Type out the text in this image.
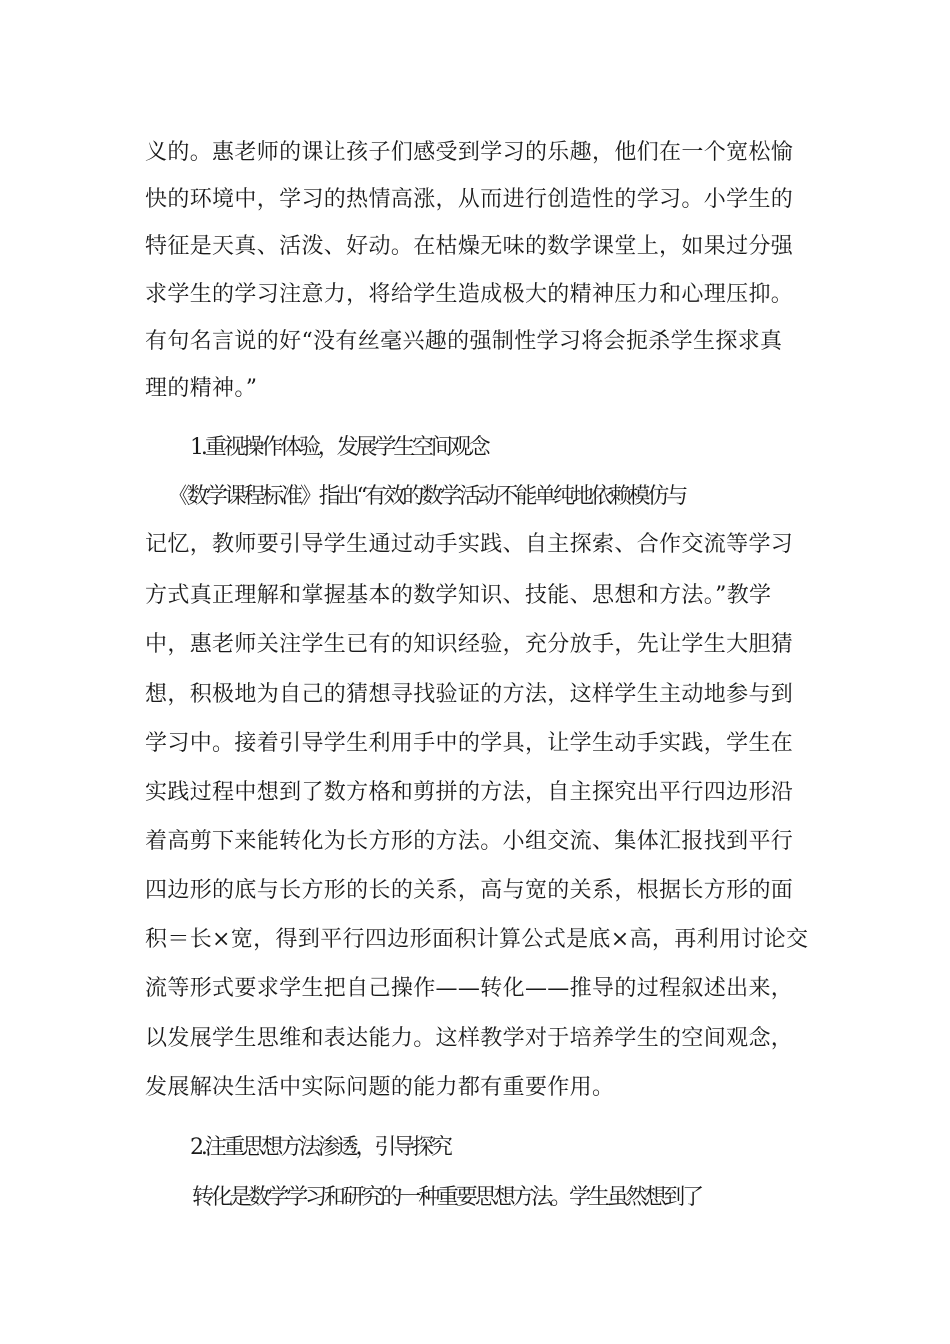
义的。惠老师的课让孩子们感受到学习的乐趣，他们在一个宽松愉
快的环境中，学习的热情高涨，从而进行创造性的学习。小学生的
特征是天真、活泼、好动。在枯燥无味的数学课堂上，如果过分强
求学生的学习注意力，将给学生造成极大的精神压力和心理压抑。
有句名言说的好“没有丝毫兴趣的强制性学习将会扼杀学生探求真
理的精神。”
1.重视操作体验，发展学生空间观念
《数学课程标准》指出“有效的数学活动不能单纯地依赖模仿与
记忆，教师要引导学生通过动手实践、自主探索、合作交流等学习
方式真正理解和掌握基本的数学知识、技能、思想和方法。”教学
中，惠老师关注学生已有的知识经验，充分放手，先让学生大胆猜
想，积极地为自己的猜想寻找验证的方法，这样学生主动地参与到
学习中。接着引导学生利用手中的学具，让学生动手实践，学生在
实践过程中想到了数方格和剪拼的方法，自主探究出平行四边形沿
着高剪下来能转化为长方形的方法。小组交流、集体汇报找到平行
四边形的底与长方形的长的关系，高与宽的关系，根据长方形的面
积＝长×宽，得到平行四边形面积计算公式是底×高，再利用讨论交
流等形式要求学生把自己操作——转化——推导的过程叙述出来，
以发展学生思维和表达能力。这样教学对于培养学生的空间观念，
发展解决生活中实际问题的能力都有重要作用。
2.注重思想方法渗透，引导探究
转化是数学学习和研究的一种重要思想方法。学生虽然想到了
